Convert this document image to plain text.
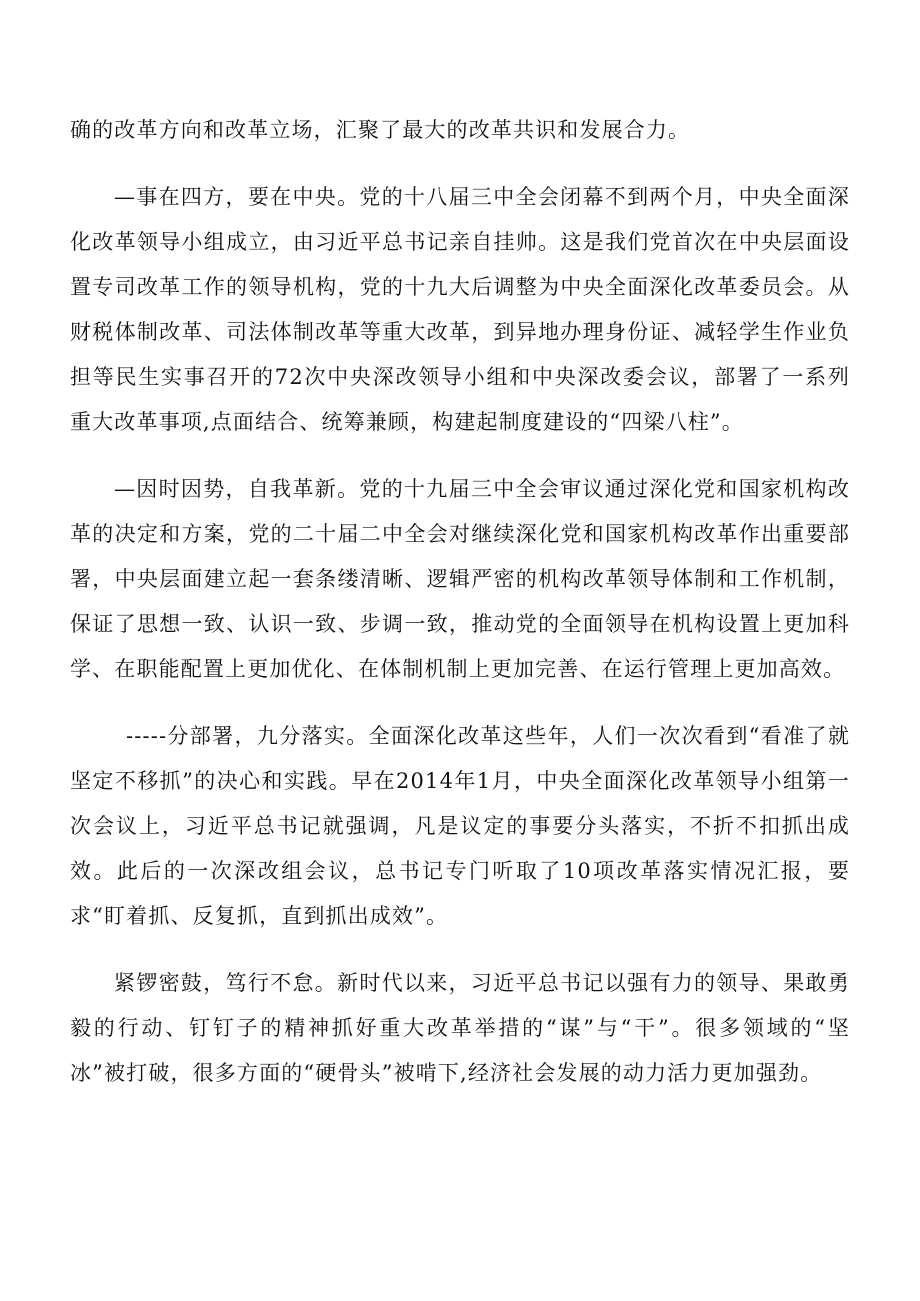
确的改革方向和改革立场，汇聚了最大的改革共识和发展合力。

—事在四方，要在中央。党的十八届三中全会闭幕不到两个月，中央全面深化改革领导小组成立，由习近平总书记亲自挂帅。这是我们党首次在中央层面设置专司改革工作的领导机构，党的十九大后调整为中央全面深化改革委员会。从财税体制改革、司法体制改革等重大改革，到异地办理身份证、减轻学生作业负担等民生实事召开的72次中央深改领导小组和中央深改委会议，部署了一系列重大改革事项,点面结合、统筹兼顾，构建起制度建设的“四梁八柱”。

—因时因势，自我革新。党的十九届三中全会审议通过深化党和国家机构改革的决定和方案，党的二十届二中全会对继续深化党和国家机构改革作出重要部署，中央层面建立起一套条缕清晰、逻辑严密的机构改革领导体制和工作机制，保证了思想一致、认识一致、步调一致，推动党的全面领导在机构设置上更加科学、在职能配置上更加优化、在体制机制上更加完善、在运行管理上更加高效。

-----分部署，九分落实。全面深化改革这些年，人们一次次看到“看准了就坚定不移抓”的决心和实践。早在2014年1月，中央全面深化改革领导小组第一次会议上，习近平总书记就强调，凡是议定的事要分头落实，不折不扣抓出成效。此后的一次深改组会议，总书记专门听取了10项改革落实情况汇报，要求“盯着抓、反复抓，直到抓出成效”。

紧锣密鼓，笃行不怠。新时代以来，习近平总书记以强有力的领导、果敢勇毅的行动、钉钉子的精神抓好重大改革举措的“谋”与“干”。很多领域的“坚冰”被打破，很多方面的“硬骨头”被啃下,经济社会发展的动力活力更加强劲。
